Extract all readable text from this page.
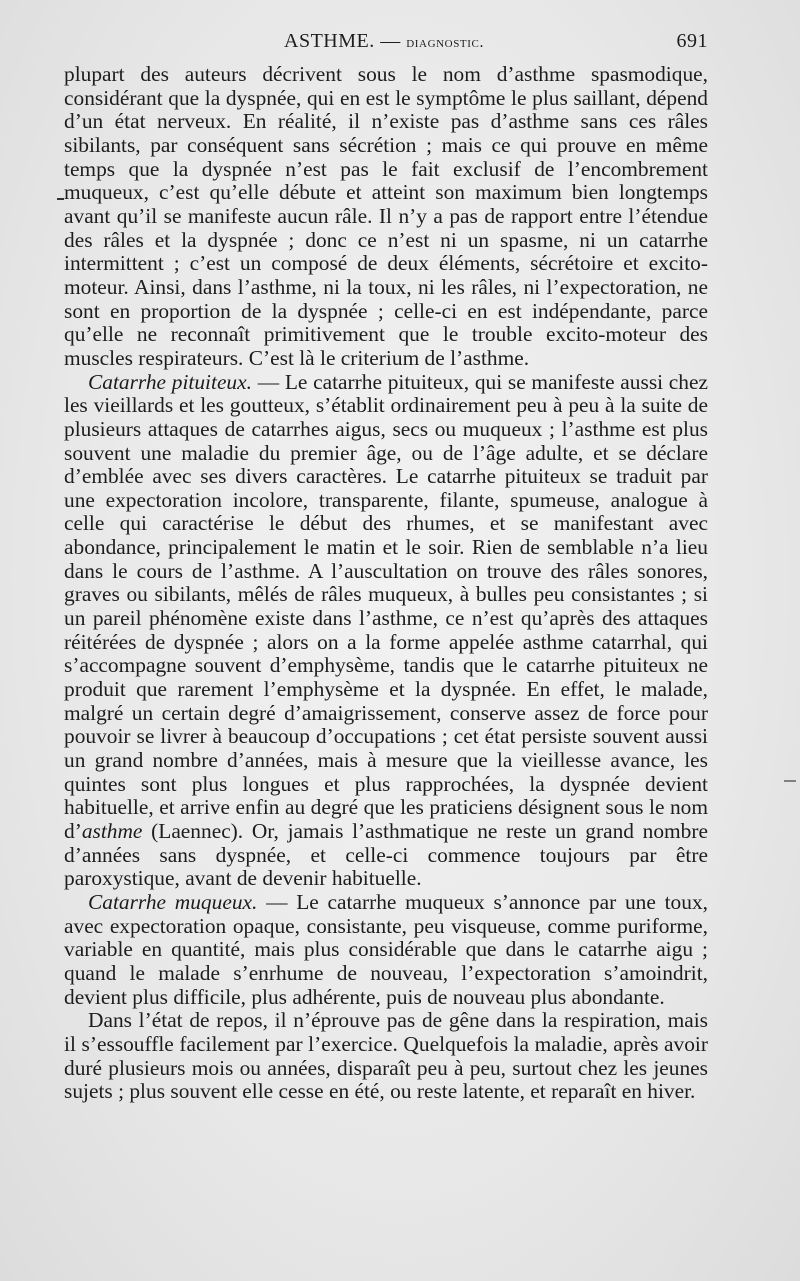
ASTHME. — diagnostic.	691

plupart des auteurs décrivent sous le nom d’asthme spasmodique, considérant que la dyspnée, qui en est le symptôme le plus saillant, dépend d’un état nerveux. En réalité, il n’existe pas d’asthme sans ces râles sibilants, par conséquent sans sécrétion ; mais ce qui prouve en même temps que la dyspnée n’est pas le fait exclusif de l’encombrement muqueux, c’est qu’elle débute et atteint son maximum bien longtemps avant qu’il se manifeste aucun râle. Il n’y a pas de rapport entre l’étendue des râles et la dyspnée ; donc ce n’est ni un spasme, ni un catarrhe intermittent ; c’est un composé de deux éléments, sécrétoire et excito-moteur. Ainsi, dans l’asthme, ni la toux, ni les râles, ni l’expectoration, ne sont en proportion de la dyspnée ; celle-ci en est indépendante, parce qu’elle ne reconnaît primitivement que le trouble excito-moteur des muscles respirateurs. C’est là le criterium de l’asthme.

Catarrhe pituiteux. — Le catarrhe pituiteux, qui se manifeste aussi chez les vieillards et les goutteux, s’établit ordinairement peu à peu à la suite de plusieurs attaques de catarrhes aigus, secs ou muqueux ; l’asthme est plus souvent une maladie du premier âge, ou de l’âge adulte, et se déclare d’emblée avec ses divers caractères. Le catarrhe pituiteux se traduit par une expectoration incolore, transparente, filante, spumeuse, analogue à celle qui caractérise le début des rhumes, et se manifestant avec abondance, principalement le matin et le soir. Rien de semblable n’a lieu dans le cours de l’asthme. A l’auscultation on trouve des râles sonores, graves ou sibilants, mêlés de râles muqueux, à bulles peu consistantes ; si un pareil phénomène existe dans l’asthme, ce n’est qu’après des attaques réitérées de dyspnée ; alors on a la forme appelée asthme catarrhal, qui s’accompagne souvent d’emphysème, tandis que le catarrhe pituiteux ne produit que rarement l’emphysème et la dyspnée. En effet, le malade, malgré un certain degré d’amaigrissement, conserve assez de force pour pouvoir se livrer à beaucoup d’occupations ; cet état persiste souvent aussi un grand nombre d’années, mais à mesure que la vieillesse avance, les quintes sont plus longues et plus rapprochées, la dyspnée devient habituelle, et arrive enfin au degré que les praticiens désignent sous le nom d’asthme (Laennec). Or, jamais l’asthmatique ne reste un grand nombre d’années sans dyspnée, et celle-ci commence toujours par être paroxystique, avant de devenir habituelle.

Catarrhe muqueux. — Le catarrhe muqueux s’annonce par une toux, avec expectoration opaque, consistante, peu visqueuse, comme puriforme, variable en quantité, mais plus considérable que dans le catarrhe aigu ; quand le malade s’enrhume de nouveau, l’expectoration s’amoindrit, devient plus difficile, plus adhérente, puis de nouveau plus abondante.

Dans l’état de repos, il n’éprouve pas de gêne dans la respiration, mais il s’essouffle facilement par l’exercice. Quelquefois la maladie, après avoir duré plusieurs mois ou années, disparaît peu à peu, surtout chez les jeunes sujets ; plus souvent elle cesse en été, ou reste latente, et reparaît en hiver.
